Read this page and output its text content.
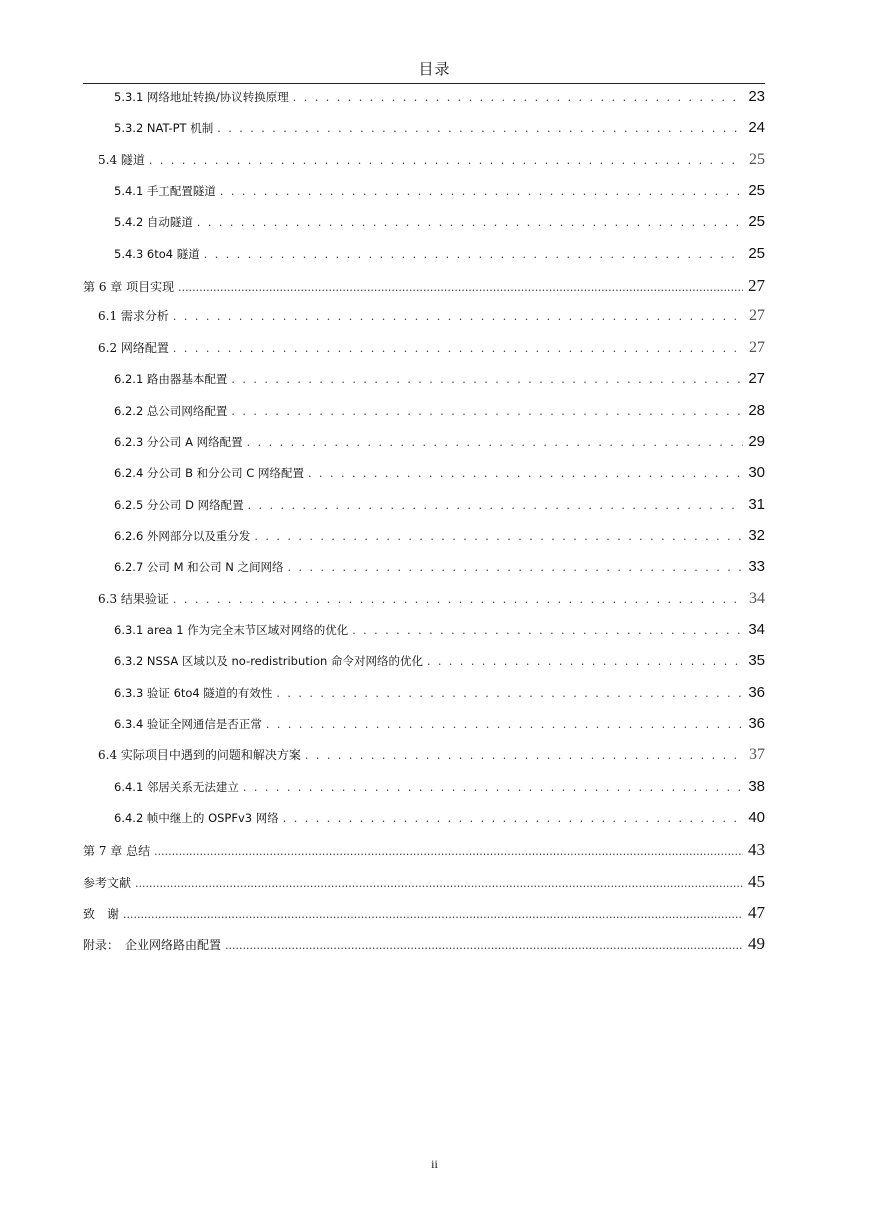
目录
5.3.1 网络地址转换/协议转换原理 . . .	23
5.3.2 NAT-PT 机制 . . .	24
5.4 隧道 . . .	25
5.4.1 手工配置隧道 . . .	25
5.4.2 自动隧道 . . .	25
5.4.3 6to4 隧道 . . .	25
第 6 章 项目实现 .....	27
6.1 需求分析 . . .	27
6.2 网络配置 . . .	27
6.2.1 路由器基本配置 . . .	27
6.2.2 总公司网络配置 . . .	28
6.2.3 分公司 A 网络配置 . . .	29
6.2.4 分公司 B 和分公司 C 网络配置 . . .	30
6.2.5 分公司 D 网络配置 . . .	31
6.2.6 外网部分以及重分发 . . .	32
6.2.7 公司 M 和公司 N 之间网络 . . .	33
6.3 结果验证 . . .	34
6.3.1 area 1 作为完全末节区域对网络的优化 . . .	34
6.3.2 NSSA 区域以及 no-redistribution 命令对网络的优化 . . .	35
6.3.3 验证 6to4 隧道的有效性 . . .	36
6.3.4 验证全网通信是否正常 . . .	36
6.4 实际项目中遇到的问题和解决方案 . . .	37
6.4.1 邻居关系无法建立 . . .	38
6.4.2 帧中继上的 OSPFv3 网络 . . .	40
第 7 章 总结 .....	43
参考文献 .....	45
致　谢 .....	47
附录：　企业网络路由配置 .....	49
ii
